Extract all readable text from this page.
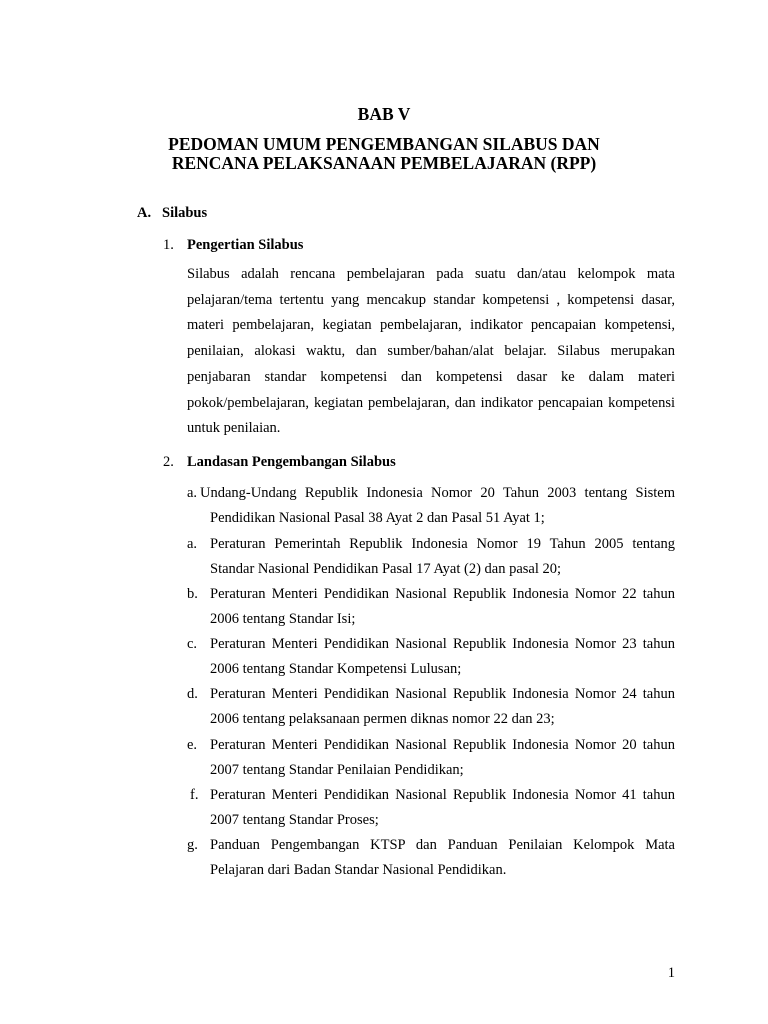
BAB V
PEDOMAN UMUM PENGEMBANGAN SILABUS DAN
RENCANA PELAKSANAAN PEMBELAJARAN (RPP)
A. Silabus
1. Pengertian Silabus
Silabus adalah rencana pembelajaran pada suatu dan/atau kelompok mata pelajaran/tema tertentu yang mencakup standar kompetensi , kompetensi dasar, materi pembelajaran, kegiatan pembelajaran, indikator pencapaian kompetensi, penilaian, alokasi waktu, dan sumber/bahan/alat belajar. Silabus merupakan penjabaran standar kompetensi dan kompetensi dasar ke dalam materi pokok/pembelajaran, kegiatan pembelajaran, dan indikator pencapaian kompetensi untuk penilaian.
2. Landasan Pengembangan Silabus
a. Undang-Undang Republik Indonesia Nomor 20 Tahun 2003 tentang Sistem Pendidikan Nasional Pasal 38 Ayat 2 dan Pasal 51 Ayat 1;
a. Peraturan Pemerintah Republik Indonesia Nomor 19 Tahun 2005 tentang Standar Nasional Pendidikan Pasal 17 Ayat (2) dan pasal 20;
b. Peraturan Menteri Pendidikan Nasional Republik Indonesia Nomor 22 tahun 2006 tentang Standar Isi;
c. Peraturan Menteri Pendidikan Nasional Republik Indonesia Nomor 23 tahun 2006 tentang Standar Kompetensi Lulusan;
d. Peraturan Menteri Pendidikan Nasional Republik Indonesia Nomor 24 tahun 2006 tentang pelaksanaan permen diknas nomor 22 dan 23;
e. Peraturan Menteri Pendidikan Nasional Republik Indonesia Nomor 20 tahun 2007 tentang Standar Penilaian Pendidikan;
f. Peraturan Menteri Pendidikan Nasional Republik Indonesia Nomor 41 tahun 2007 tentang Standar Proses;
g. Panduan Pengembangan KTSP dan Panduan Penilaian Kelompok Mata Pelajaran dari Badan Standar Nasional Pendidikan.
1
